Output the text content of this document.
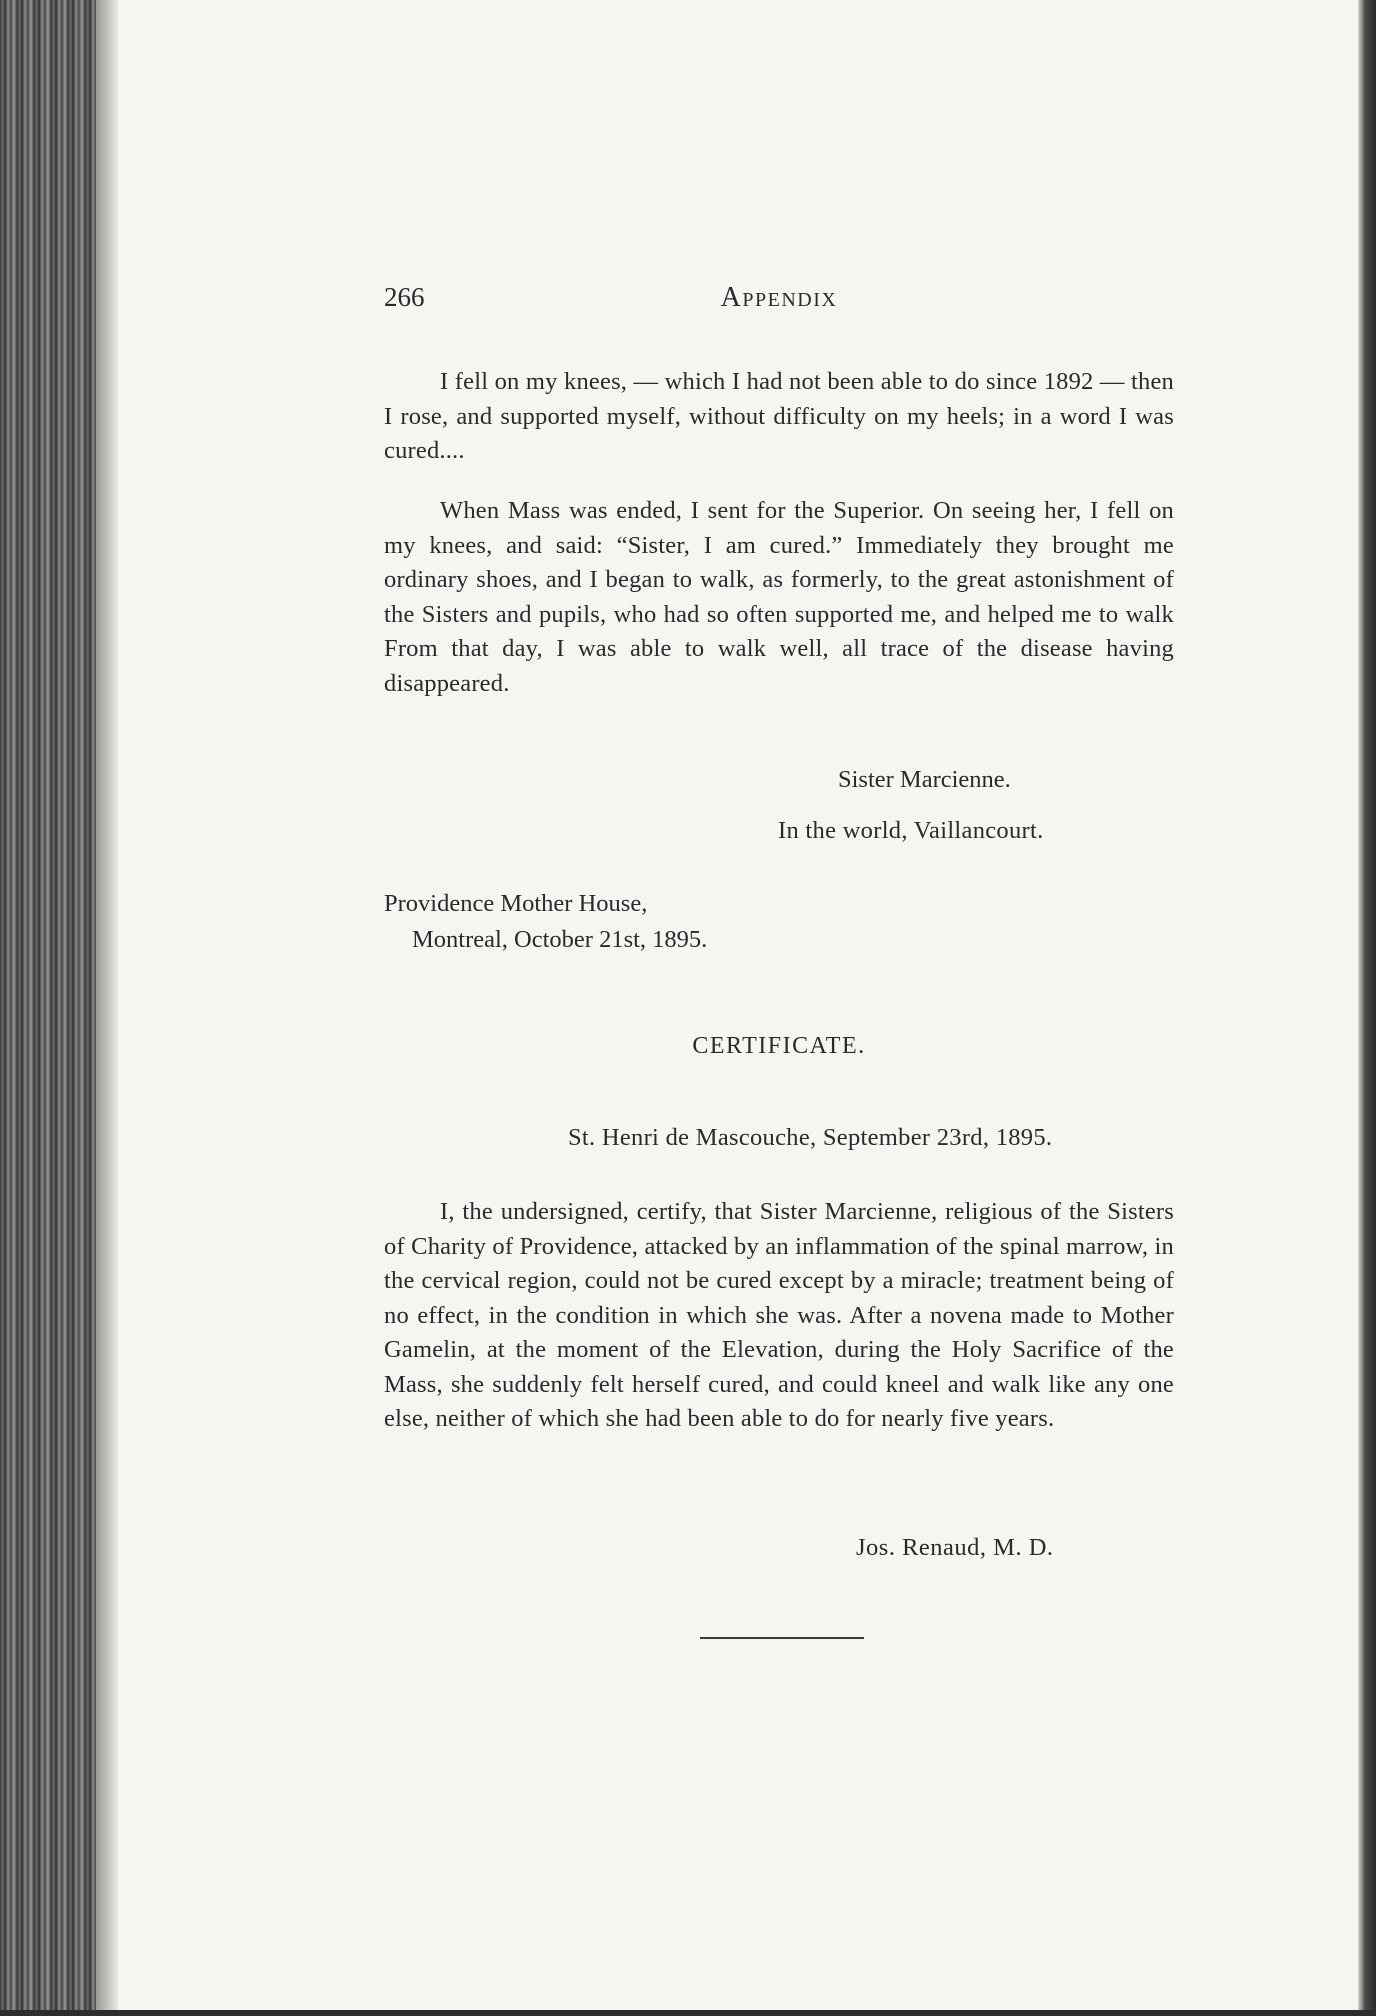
266	Appendix
I fell on my knees, — which I had not been able to do since 1892 — then I rose, and supported myself, without difficulty on my heels; in a word I was cured....
When Mass was ended, I sent for the Superior. On seeing her, I fell on my knees, and said: “Sister, I am cured.” Immediately they brought me ordinary shoes, and I began to walk, as formerly, to the great astonishment of the Sisters and pupils, who had so often supported me, and helped me to walk From that day, I was able to walk well, all trace of the disease having disappeared.
Sister Marcienne.
In the world, Vaillancourt.
Providence Mother House,
Montreal, October 21st, 1895.
CERTIFICATE.
St. Henri de Mascouche, September 23rd, 1895.
I, the undersigned, certify, that Sister Marcienne, religious of the Sisters of Charity of Providence, attacked by an inflammation of the spinal marrow, in the cervical region, could not be cured except by a miracle; treatment being of no effect, in the condition in which she was. After a novena made to Mother Gamelin, at the moment of the Elevation, during the Holy Sacrifice of the Mass, she suddenly felt herself cured, and could kneel and walk like any one else, neither of which she had been able to do for nearly five years.
Jos. Renaud, M. D.
